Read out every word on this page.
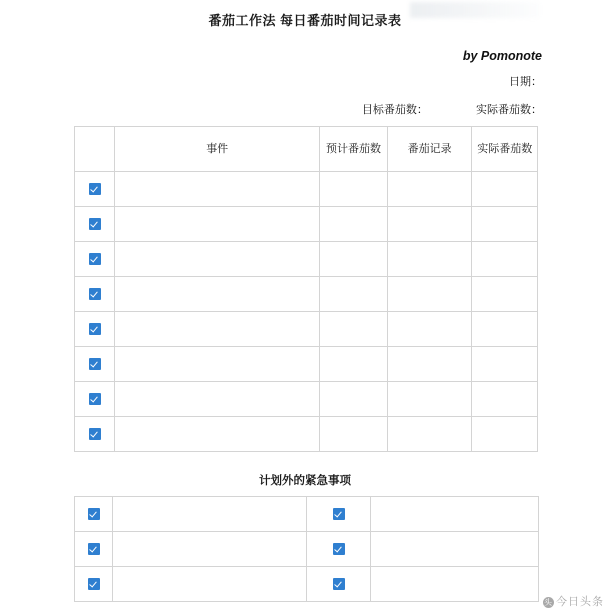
番茄工作法 每日番茄时间记录表
by Pomonote
日期：
目标番茄数：	实际番茄数：
	事件	预计番茄数	番茄记录	实际番茄数

计划外的紧急事项

头 今日头条
